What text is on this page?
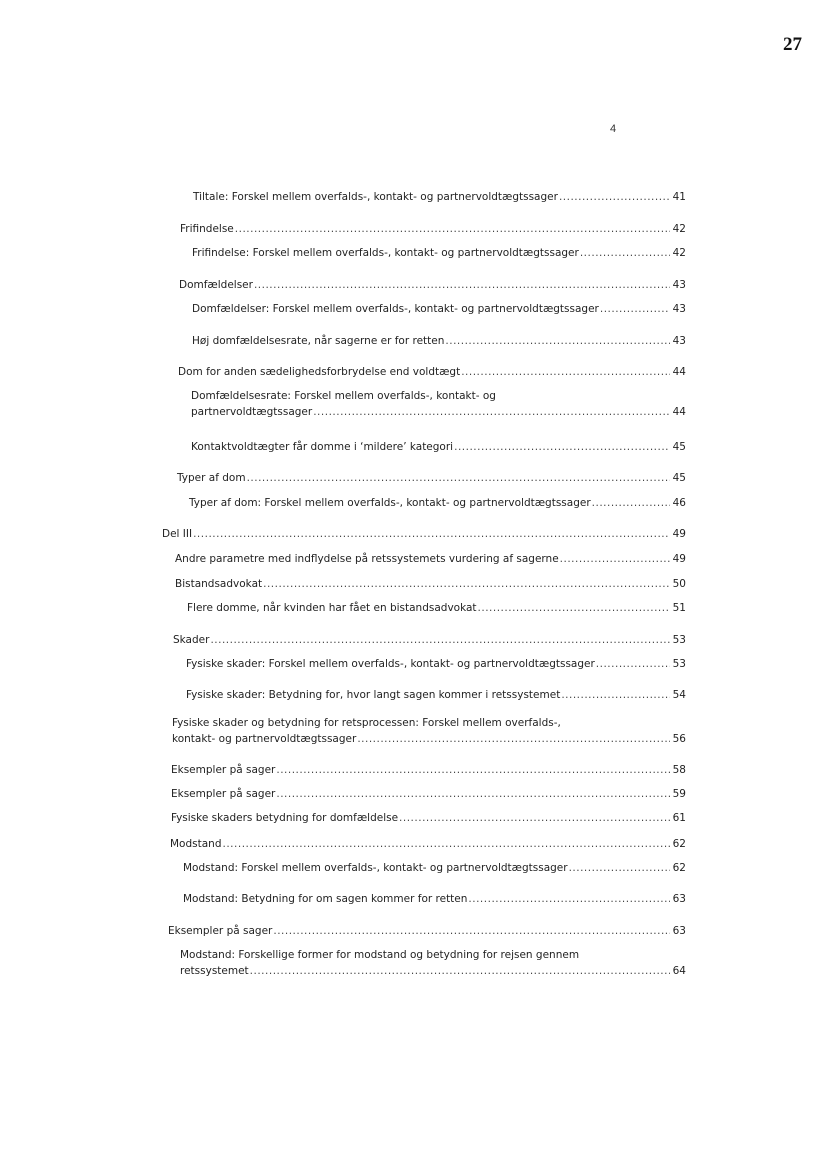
27
4
Tiltale: Forskel mellem overfalds-, kontakt- og partnervoldtægtssager .....	41
Frifindelse .....	42
Frifindelse: Forskel mellem overfalds-, kontakt- og partnervoldtægtssager .....	42
Domfældelser .....	43
Domfældelser: Forskel mellem overfalds-, kontakt- og partnervoldtægtssager .....	43
Høj domfældelsesrate, når sagerne er for retten .....	43
Dom for anden sædelighedsforbrydelse end voldtægt .....	44
Domfældelsesrate: Forskel mellem overfalds-, kontakt- og
partnervoldtægtssager .....	44
Kontaktvoldtægter får domme i ‘mildere’ kategori .....	45
Typer af dom .....	45
Typer af dom: Forskel mellem overfalds-, kontakt- og partnervoldtægtssager .....	46
Del III .....	49
Andre parametre med indflydelse på retssystemets vurdering af sagerne .....	49
Bistandsadvokat .....	50
Flere domme, når kvinden har fået en bistandsadvokat .....	51
Skader .....	53
Fysiske skader: Forskel mellem overfalds-, kontakt- og partnervoldtægtssager .....	53
Fysiske skader: Betydning for, hvor langt sagen kommer i retssystemet .....	54
Fysiske skader og betydning for retsprocessen: Forskel mellem overfalds-,
kontakt- og partnervoldtægtssager .....	56
Eksempler på sager .....	58
Eksempler på sager .....	59
Fysiske skaders betydning for domfældelse .....	61
Modstand .....	62
Modstand: Forskel mellem overfalds-, kontakt- og partnervoldtægtssager .....	62
Modstand: Betydning for om sagen kommer for retten .....	63
Eksempler på sager .....	63
Modstand: Forskellige former for modstand og betydning for rejsen gennem
retssystemet .....	64
